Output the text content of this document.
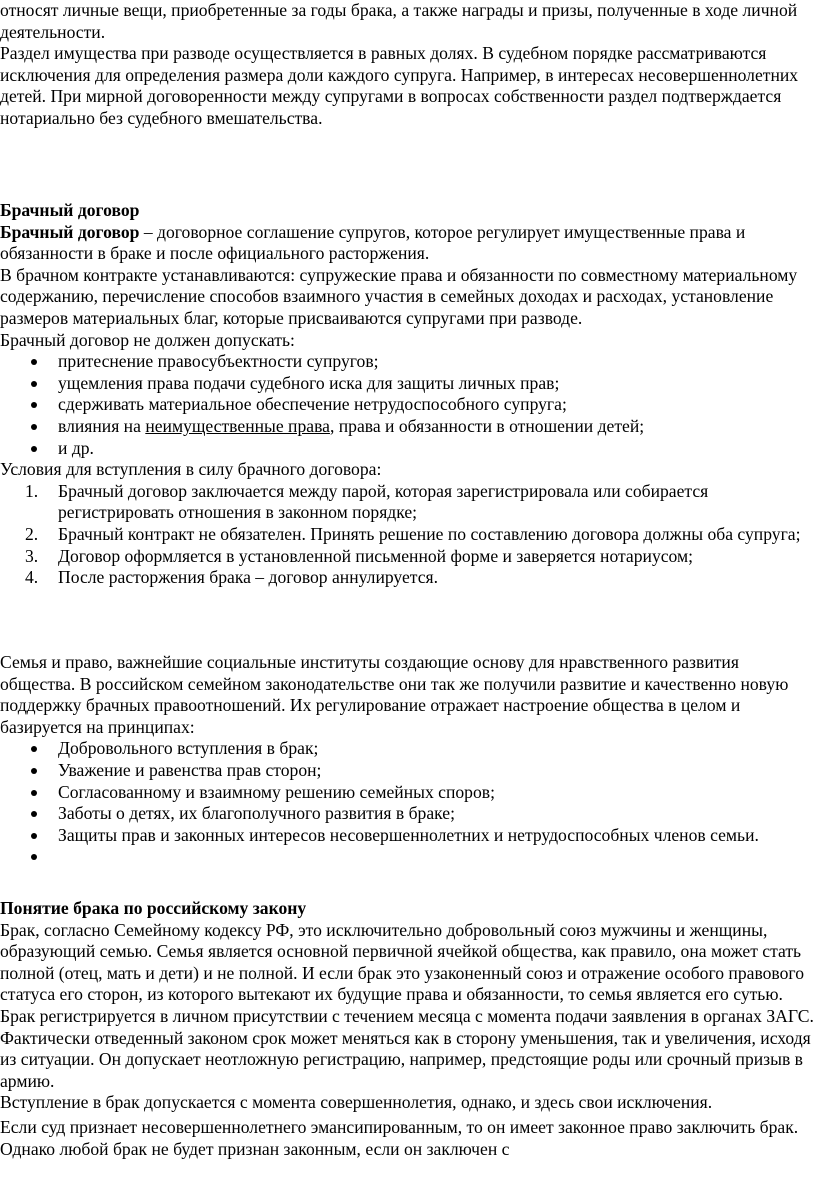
относят личные вещи, приобретенные за годы брака, а также награды и призы, полученные в ходе личной деятельности.

Раздел имущества при разводе осуществляется в равных долях. В судебном порядке рассматриваются исключения для определения размера доли каждого супруга. Например, в интересах несовершеннолетних детей. При мирной договоренности между супругами в вопросах собственности раздел подтверждается нотариально без судебного вмешательства.

Брачный договор

Брачный договор – договорное соглашение супругов, которое регулирует имущественные права и обязанности в браке и после официального расторжения.

В брачном контракте устанавливаются: супружеские права и обязанности по совместному материальному содержанию, перечисление способов взаимного участия в семейных доходах и расходах, установление размеров материальных благ, которые присваиваются супругами при разводе.

Брачный договор не должен допускать:

притеснение правосубъектности супругов;
ущемления права подачи судебного иска для защиты личных прав;
сдерживать материальное обеспечение нетрудоспособного супруга;
влияния на неимущественные права, права и обязанности в отношении детей;
и др.

Условия для вступления в силу брачного договора:

1. Брачный договор заключается между парой, которая зарегистрировала или собирается регистрировать отношения в законном порядке;
2. Брачный контракт не обязателен. Принять решение по составлению договора должны оба супруга;
3. Договор оформляется в установленной письменной форме и заверяется нотариусом;
4. После расторжения брака – договор аннулируется.

Семья и право, важнейшие социальные институты создающие основу для нравственного развития общества. В российском семейном законодательстве они так же получили развитие и качественно новую поддержку брачных правоотношений. Их регулирование отражает настроение общества в целом и базируется на принципах:

Добровольного вступления в брак;
Уважение и равенства прав сторон;
Согласованному и взаимному решению семейных споров;
Заботы о детях, их благополучного развития в браке;
Защиты прав и законных интересов несовершеннолетних и нетрудоспособных членов семьи.

Понятие брака по российскому закону

Брак, согласно Семейному кодексу РФ, это исключительно добровольный союз мужчины и женщины, образующий семью. Семья является основной первичной ячейкой общества, как правило, она может стать полной (отец, мать и дети) и не полной. И если брак это узаконенный союз и отражение особого правового статуса его сторон, из которого вытекают их будущие права и обязанности, то семья является его сутью.

Брак регистрируется в личном присутствии с течением месяца с момента подачи заявления в органах ЗАГС. Фактически отведенный законом срок может меняться как в сторону уменьшения, так и увеличения, исходя из ситуации. Он допускает неотложную регистрацию, например, предстоящие роды или срочный призыв в армию.

Вступление в брак допускается с момента совершеннолетия, однако, и здесь свои исключения.

Если суд признает несовершеннолетнего эмансипированным, то он имеет законное право заключить брак. Однако любой брак не будет признан законным, если он заключен с
